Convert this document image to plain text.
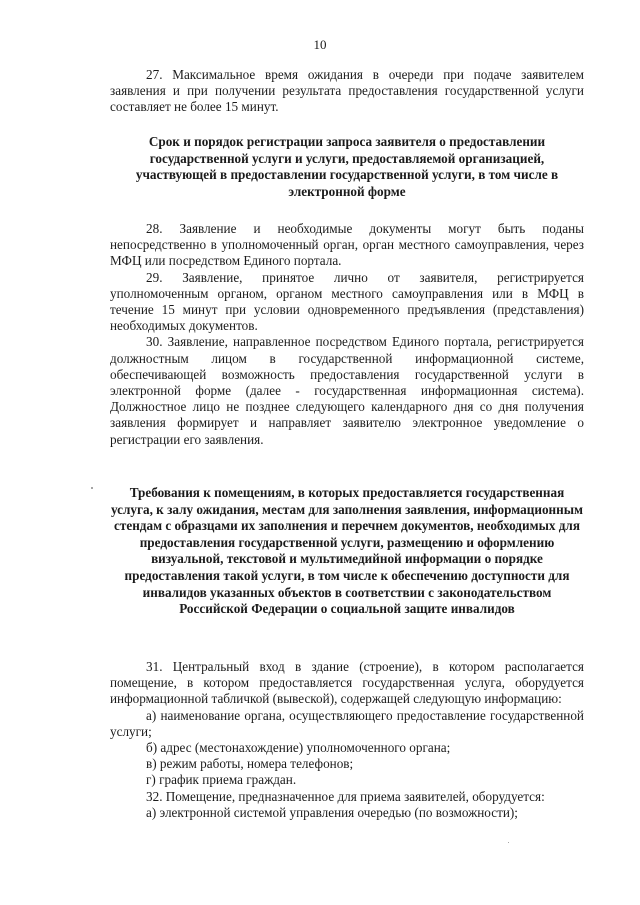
10

27. Максимальное время ожидания в очереди при подаче заявителем заявления и при получении результата предоставления государственной услуги составляет не более 15 минут.

Срок и порядок регистрации запроса заявителя о предоставлении государственной услуги и услуги, предоставляемой организацией, участвующей в предоставлении государственной услуги, в том числе в электронной форме

28. Заявление и необходимые документы могут быть поданы непосредственно в уполномоченный орган, орган местного самоуправления, через МФЦ или посредством Единого портала.

29. Заявление, принятое лично от заявителя, регистрируется уполномоченным органом, органом местного самоуправления или в МФЦ в течение 15 минут при условии одновременного предъявления (представления) необходимых документов.

30. Заявление, направленное посредством Единого портала, регистрируется должностным лицом в государственной информационной системе, обеспечивающей возможность предоставления государственной услуги в электронной форме (далее - государственная информационная система). Должностное лицо не позднее следующего календарного дня со дня получения заявления формирует и направляет заявителю электронное уведомление о регистрации его заявления.

Требования к помещениям, в которых предоставляется государственная услуга, к залу ожидания, местам для заполнения заявления, информационным стендам с образцами их заполнения и перечнем документов, необходимых для предоставления государственной услуги, размещению и оформлению визуальной, текстовой и мультимедийной информации о порядке предоставления такой услуги, в том числе к обеспечению доступности для инвалидов указанных объектов в соответствии с законодательством Российской Федерации о социальной защите инвалидов

31. Центральный вход в здание (строение), в котором располагается помещение, в котором предоставляется государственная услуга, оборудуется информационной табличкой (вывеской), содержащей следующую информацию:

а) наименование органа, осуществляющего предоставление государственной услуги;

б) адрес (местонахождение) уполномоченного органа;

в) режим работы, номера телефонов;

г) график приема граждан.

32. Помещение, предназначенное для приема заявителей, оборудуется:

а) электронной системой управления очередью (по возможности);
